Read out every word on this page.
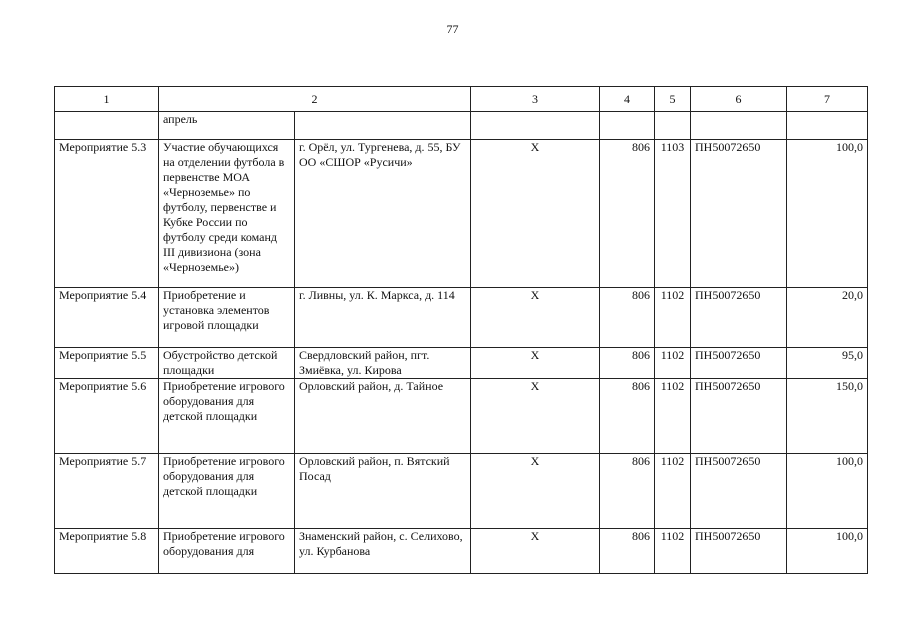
77
1	2		3	4	5	6	7
	апрель						
Мероприятие 5.3	Участие обучающихся на отделении футбола в первенстве МОА «Черноземье» по футболу, первенстве и Кубке России по футболу среди команд III дивизиона (зона «Черноземье»)	г. Орёл, ул. Тургенева, д. 55, БУ ОО «СШОР «Русичи»	Х	806	1103	ПН50072650	100,0
Мероприятие 5.4	Приобретение и установка элементов игровой площадки	г. Ливны, ул. К. Маркса, д. 114	Х	806	1102	ПН50072650	20,0
Мероприятие 5.5	Обустройство детской площадки	Свердловский район, пгт. Змиёвка, ул. Кирова	Х	806	1102	ПН50072650	95,0
Мероприятие 5.6	Приобретение игрового оборудования для детской площадки	Орловский район, д. Тайное	Х	806	1102	ПН50072650	150,0
Мероприятие 5.7	Приобретение игрового оборудования для детской площадки	Орловский район, п. Вятский Посад	Х	806	1102	ПН50072650	100,0
Мероприятие 5.8	Приобретение игрового оборудования для	Знаменский район, с. Селихово, ул. Курбанова	Х	806	1102	ПН50072650	100,0
